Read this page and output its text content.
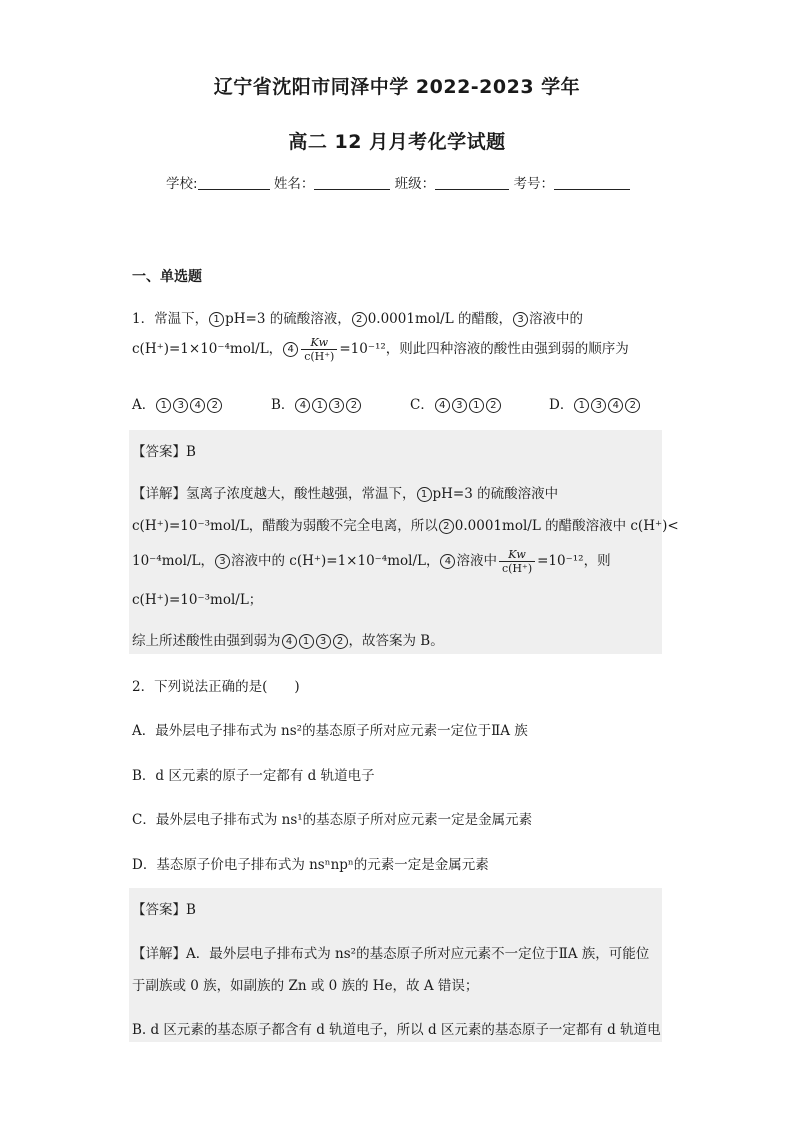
辽宁省沈阳市同泽中学 2022-2023 学年
高二 12 月月考化学试题
学校:	姓名：	班级：	考号：
一、单选题
1．常温下， 1 pH=3 的硫酸溶液， 2 0.0001mol/L 的醋酸， 3 溶液中的
c(H⁺)=1×10⁻⁴mol/L， $4 \frac{Kw}{c(H^+)} =10^{-12}$，则此四种溶液的酸性由强到弱的顺序为
A． 1 3 4 2	B． 4 1 3 2	C． 4 3 1 2	D． 1 3 4 2
【答案】B
【详解】氢离子浓度越大，酸性越强，常温下， 1 pH=3 的硫酸溶液中
c(H⁺)=10⁻³mol/L，醋酸为弱酸不完全电离，所以 2 0.0001mol/L 的醋酸溶液中 c(H⁺)<
10⁻⁴mol/L， 3 溶液中的 c(H⁺)=1×10⁻⁴mol/L， 4 溶液中 $\frac{Kw}{c(H^+)} =10^{-12}$，则
c(H⁺)=10⁻³mol/L；
综上所述酸性由强到弱为 4 1 3 2 ，故答案为 B。
2．下列说法正确的是(　　)
A．最外层电子排布式为 ns²的基态原子所对应元素一定位于ⅡA 族
B．d 区元素的原子一定都有 d 轨道电子
C．最外层电子排布式为 ns¹的基态原子所对应元素一定是金属元素
D．基态原子价电子排布式为 nsⁿnpⁿ的元素一定是金属元素
【答案】B
【详解】A．最外层电子排布式为 ns²的基态原子所对应元素不一定位于ⅡA 族，可能位
于副族或 0 族，如副族的 Zn 或 0 族的 He，故 A 错误；
B. d 区元素的基态原子都含有 d 轨道电子，所以 d 区元素的基态原子一定都有 d 轨道电
